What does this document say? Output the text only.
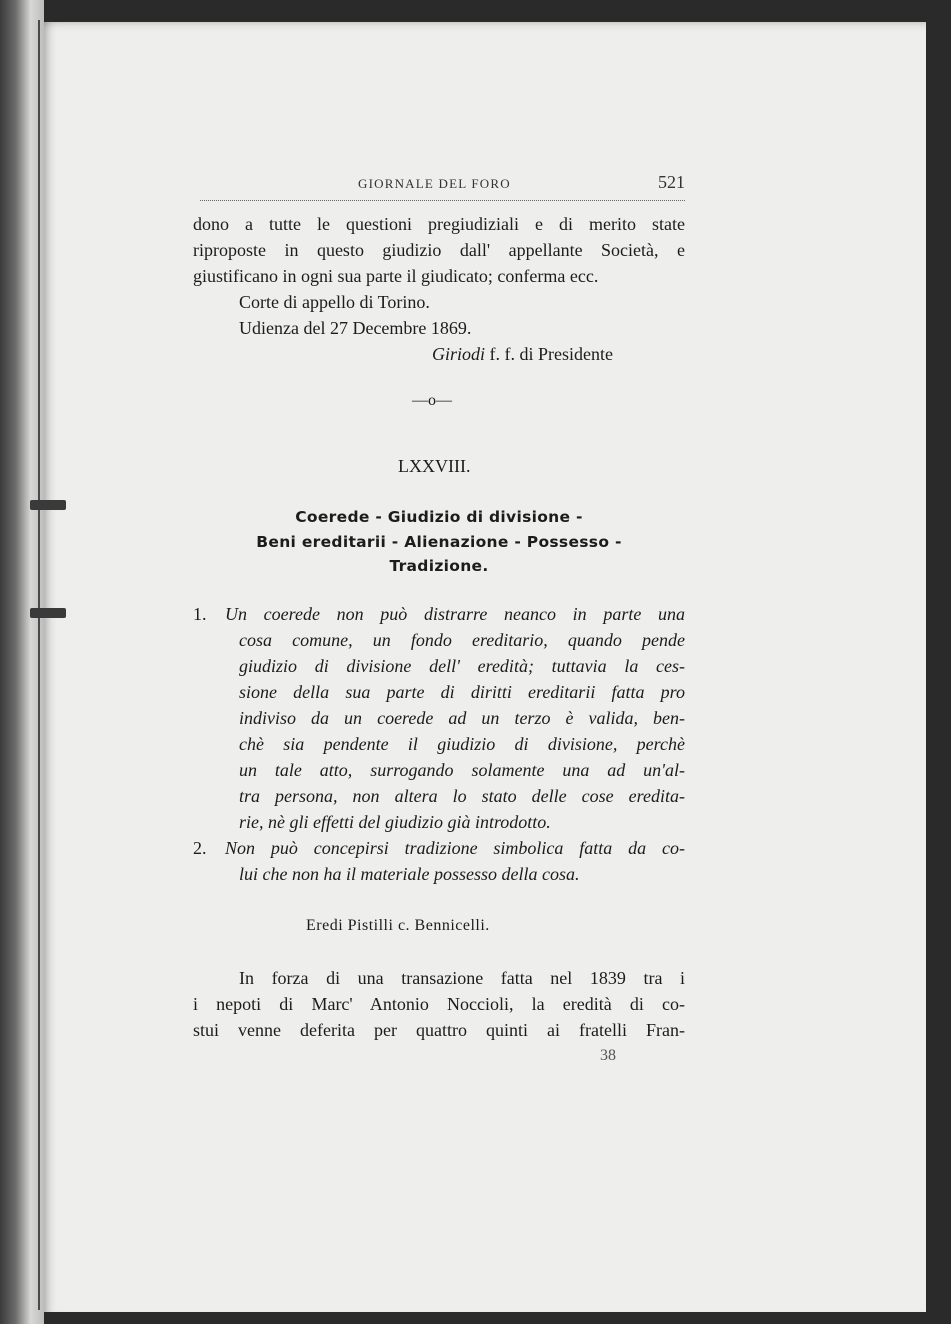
GIORNALE DEL FORO	521
dono a tutte le questioni pregiudiziali e di merito state
riproposte in questo giudizio dall' appellante Società, e
giustificano in ogni sua parte il giudicato; conferma ecc.
Corte di appello di Torino.
Udienza del 27 Decembre 1869.
Giriodi f. f. di Presidente
—o—
LXXVIII.
Coerede - Giudizio di divisione -
Beni ereditarii - Alienazione - Possesso -
Tradizione.
1. Un coerede non può distrarre neanco in parte una
cosa comune, un fondo ereditario, quando pende
giudizio di divisione dell' eredità; tuttavia la ces-
sione della sua parte di diritti ereditarii fatta pro
indiviso da un coerede ad un terzo è valida, ben-
chè sia pendente il giudizio di divisione, perchè
un tale atto, surrogando solamente una ad un'al-
tra persona, non altera lo stato delle cose eredita-
rie, nè gli effetti del giudizio già introdotto.
2. Non può concepirsi tradizione simbolica fatta da co-
lui che non ha il materiale possesso della cosa.
Eredi Pistilli c. Bennicelli.
In forza di una transazione fatta nel 1839 tra i
i nepoti di Marc' Antonio Noccioli, la eredità di co-
stui venne deferita per quattro quinti ai fratelli Fran-
38
